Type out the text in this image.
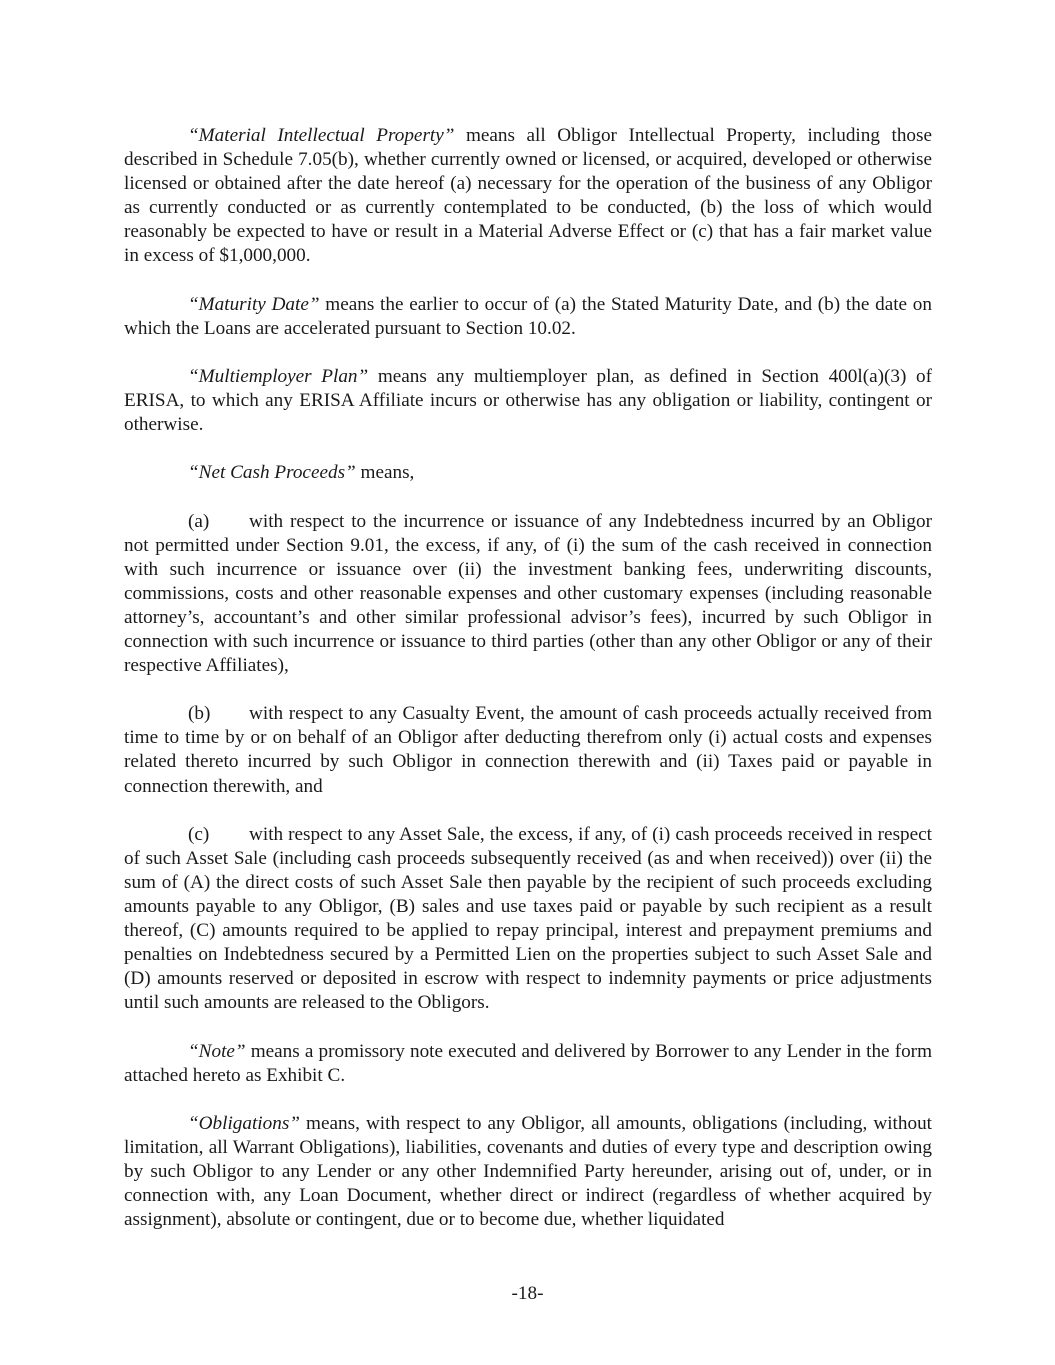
“Material Intellectual Property” means all Obligor Intellectual Property, including those described in Schedule 7.05(b), whether currently owned or licensed, or acquired, developed or otherwise licensed or obtained after the date hereof (a) necessary for the operation of the business of any Obligor as currently conducted or as currently contemplated to be conducted, (b) the loss of which would reasonably be expected to have or result in a Material Adverse Effect or (c) that has a fair market value in excess of $1,000,000.

“Maturity Date” means the earlier to occur of (a) the Stated Maturity Date, and (b) the date on which the Loans are accelerated pursuant to Section 10.02.

“Multiemployer Plan” means any multiemployer plan, as defined in Section 400l(a)(3) of ERISA, to which any ERISA Affiliate incurs or otherwise has any obligation or liability, contingent or otherwise.

“Net Cash Proceeds” means,

(a) with respect to the incurrence or issuance of any Indebtedness incurred by an Obligor not permitted under Section 9.01, the excess, if any, of (i) the sum of the cash received in connection with such incurrence or issuance over (ii) the investment banking fees, underwriting discounts, commissions, costs and other reasonable expenses and other customary expenses (including reasonable attorney’s, accountant’s and other similar professional advisor’s fees), incurred by such Obligor in connection with such incurrence or issuance to third parties (other than any other Obligor or any of their respective Affiliates),

(b) with respect to any Casualty Event, the amount of cash proceeds actually received from time to time by or on behalf of an Obligor after deducting therefrom only (i) actual costs and expenses related thereto incurred by such Obligor in connection therewith and (ii) Taxes paid or payable in connection therewith, and

(c) with respect to any Asset Sale, the excess, if any, of (i) cash proceeds received in respect of such Asset Sale (including cash proceeds subsequently received (as and when received)) over (ii) the sum of (A) the direct costs of such Asset Sale then payable by the recipient of such proceeds excluding amounts payable to any Obligor, (B) sales and use taxes paid or payable by such recipient as a result thereof, (C) amounts required to be applied to repay principal, interest and prepayment premiums and penalties on Indebtedness secured by a Permitted Lien on the properties subject to such Asset Sale and (D) amounts reserved or deposited in escrow with respect to indemnity payments or price adjustments until such amounts are released to the Obligors.

“Note” means a promissory note executed and delivered by Borrower to any Lender in the form attached hereto as Exhibit C.

“Obligations” means, with respect to any Obligor, all amounts, obligations (including, without limitation, all Warrant Obligations), liabilities, covenants and duties of every type and description owing by such Obligor to any Lender or any other Indemnified Party hereunder, arising out of, under, or in connection with, any Loan Document, whether direct or indirect (regardless of whether acquired by assignment), absolute or contingent, due or to become due, whether liquidated

-18-
